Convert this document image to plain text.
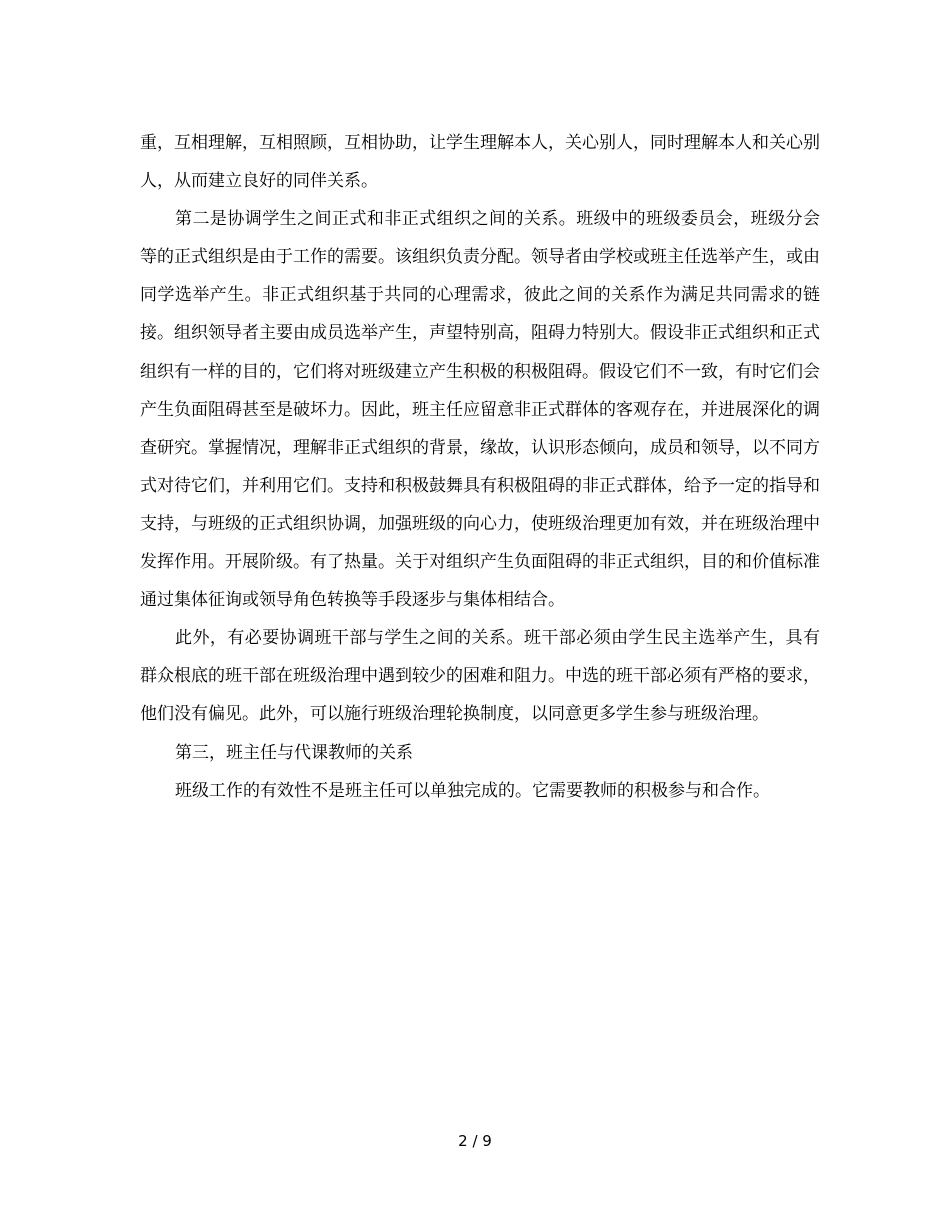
重，互相理解，互相照顾，互相协助，让学生理解本人，关心别人，同时理解本人和关心别人，从而建立良好的同伴关系。

第二是协调学生之间正式和非正式组织之间的关系。班级中的班级委员会，班级分会等的正式组织是由于工作的需要。该组织负责分配。领导者由学校或班主任选举产生，或由同学选举产生。非正式组织基于共同的心理需求，彼此之间的关系作为满足共同需求的链接。组织领导者主要由成员选举产生，声望特别高，阻碍力特别大。假设非正式组织和正式组织有一样的目的，它们将对班级建立产生积极的积极阻碍。假设它们不一致，有时它们会产生负面阻碍甚至是破坏力。因此，班主任应留意非正式群体的客观存在，并进展深化的调查研究。掌握情况，理解非正式组织的背景，缘故，认识形态倾向，成员和领导，以不同方式对待它们，并利用它们。支持和积极鼓舞具有积极阻碍的非正式群体，给予一定的指导和支持，与班级的正式组织协调，加强班级的向心力，使班级治理更加有效，并在班级治理中发挥作用。开展阶级。有了热量。关于对组织产生负面阻碍的非正式组织，目的和价值标准通过集体征询或领导角色转换等手段逐步与集体相结合。

此外，有必要协调班干部与学生之间的关系。班干部必须由学生民主选举产生，具有群众根底的班干部在班级治理中遇到较少的困难和阻力。中选的班干部必须有严格的要求，他们没有偏见。此外，可以施行班级治理轮换制度，以同意更多学生参与班级治理。

第三，班主任与代课教师的关系

班级工作的有效性不是班主任可以单独完成的。它需要教师的积极参与和合作。

2 / 9
